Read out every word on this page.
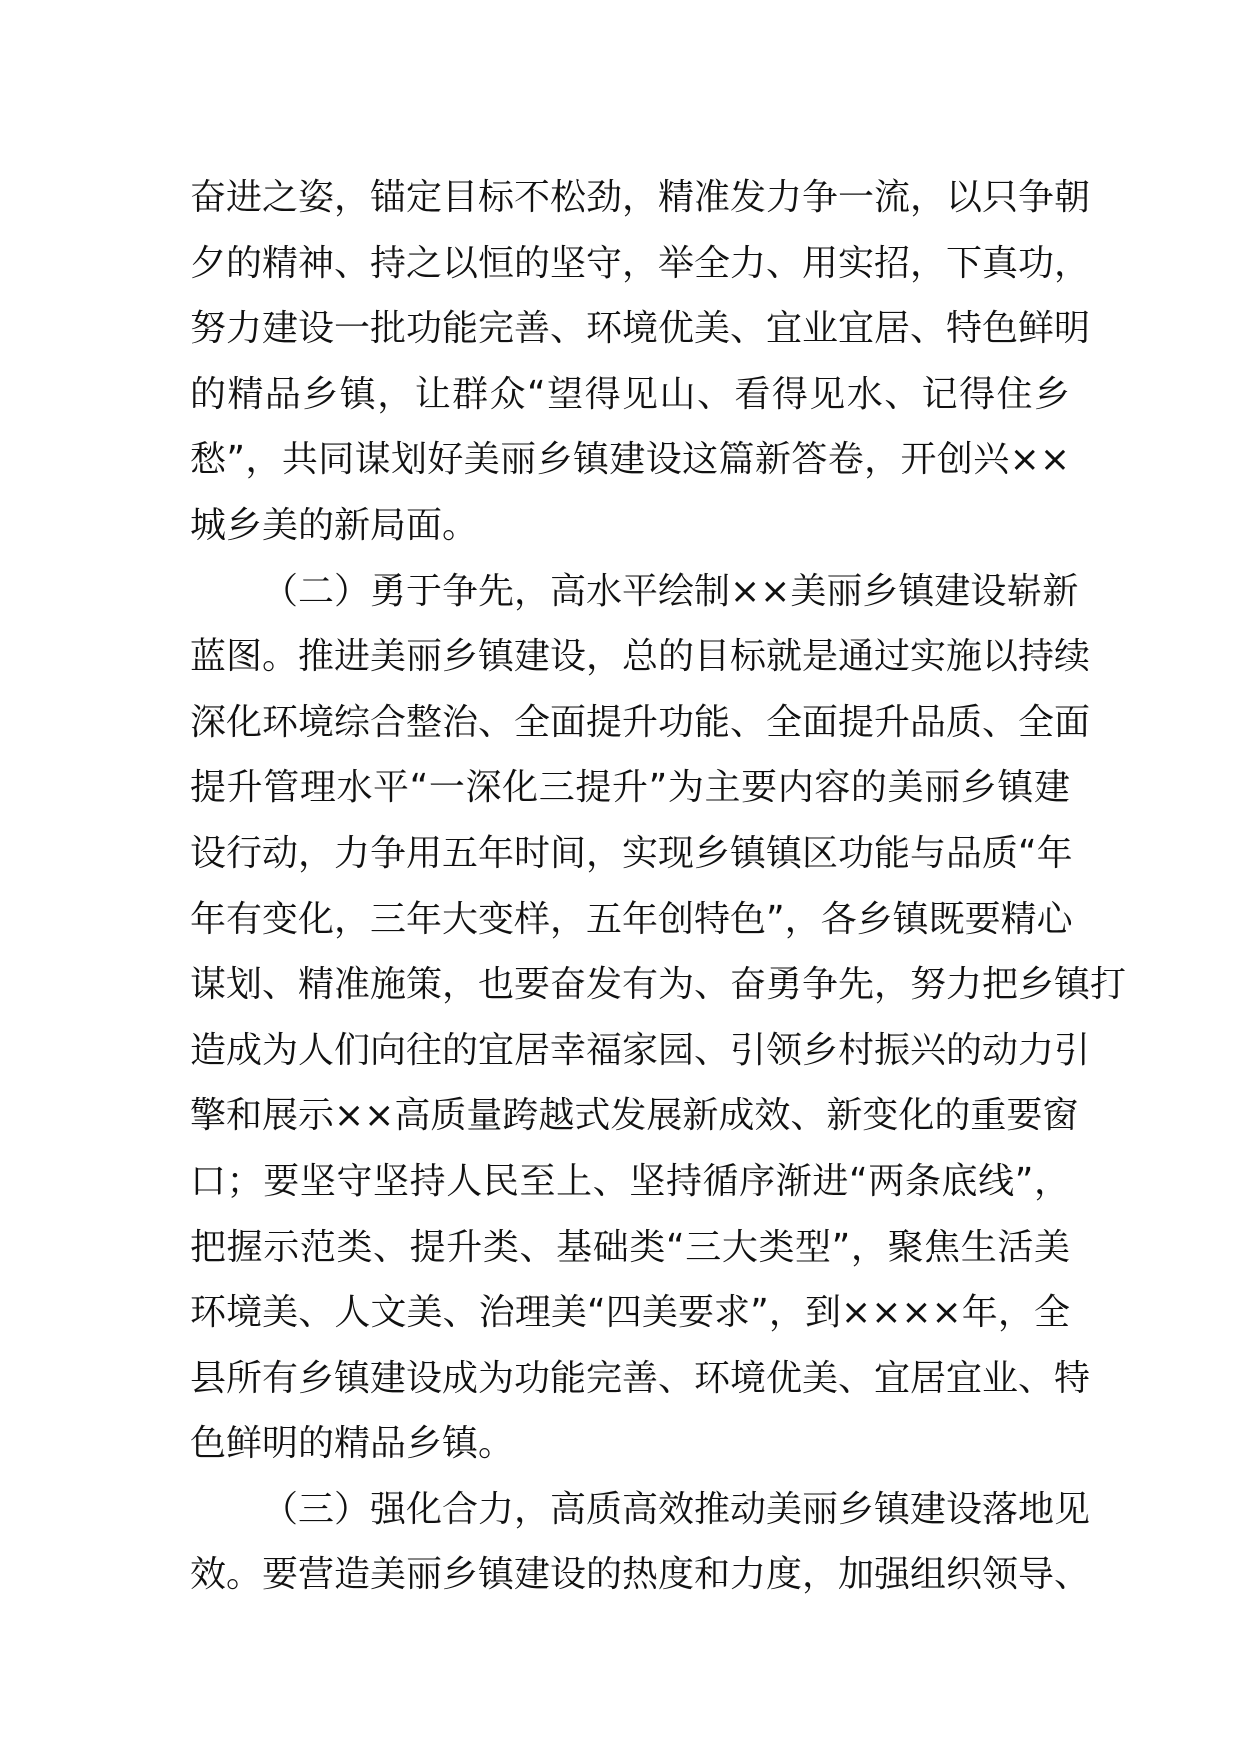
奋进之姿，锚定目标不松劲，精准发力争一流，以只争朝
夕的精神、持之以恒的坚守，举全力、用实招，下真功，
努力建设一批功能完善、环境优美、宜业宜居、特色鲜明
的精品乡镇，让群众“望得见山、看得见水、记得住乡
愁”，共同谋划好美丽乡镇建设这篇新答卷，开创兴××
城乡美的新局面。
（二）勇于争先，高水平绘制××美丽乡镇建设崭新
蓝图。推进美丽乡镇建设，总的目标就是通过实施以持续
深化环境综合整治、全面提升功能、全面提升品质、全面
提升管理水平“一深化三提升”为主要内容的美丽乡镇建
设行动，力争用五年时间，实现乡镇镇区功能与品质“年
年有变化，三年大变样，五年创特色”，各乡镇既要精心
谋划、精准施策，也要奋发有为、奋勇争先，努力把乡镇打
造成为人们向往的宜居幸福家园、引领乡村振兴的动力引
擎和展示××高质量跨越式发展新成效、新变化的重要窗
口；要坚守坚持人民至上、坚持循序渐进“两条底线”，
把握示范类、提升类、基础类“三大类型”，聚焦生活美
环境美、人文美、治理美“四美要求”，到××××年，全
县所有乡镇建设成为功能完善、环境优美、宜居宜业、特
色鲜明的精品乡镇。
（三）强化合力，高质高效推动美丽乡镇建设落地见
效。要营造美丽乡镇建设的热度和力度，加强组织领导、
